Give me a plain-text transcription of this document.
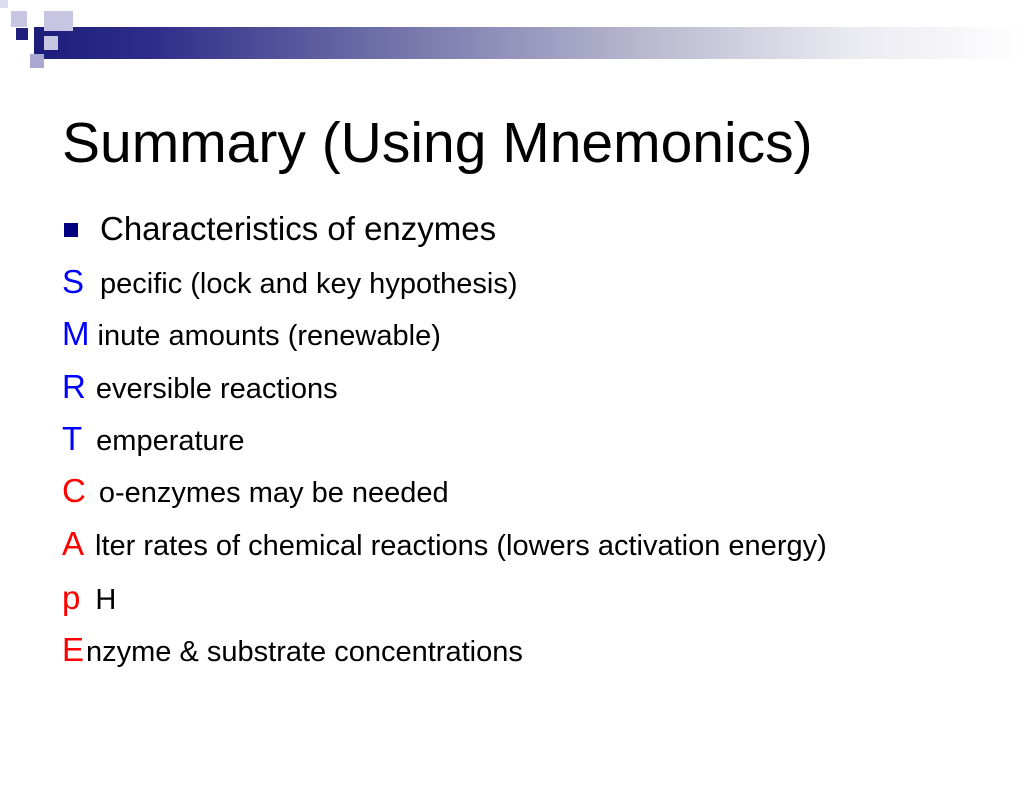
Summary (Using Mnemonics)
Characteristics of enzymes
S pecific (lock and key hypothesis)
M inute amounts (renewable)
R eversible reactions
T emperature
C o-enzymes may be needed
A lter rates of chemical reactions (lowers activation energy)
p H
E nzyme & substrate concentrations
